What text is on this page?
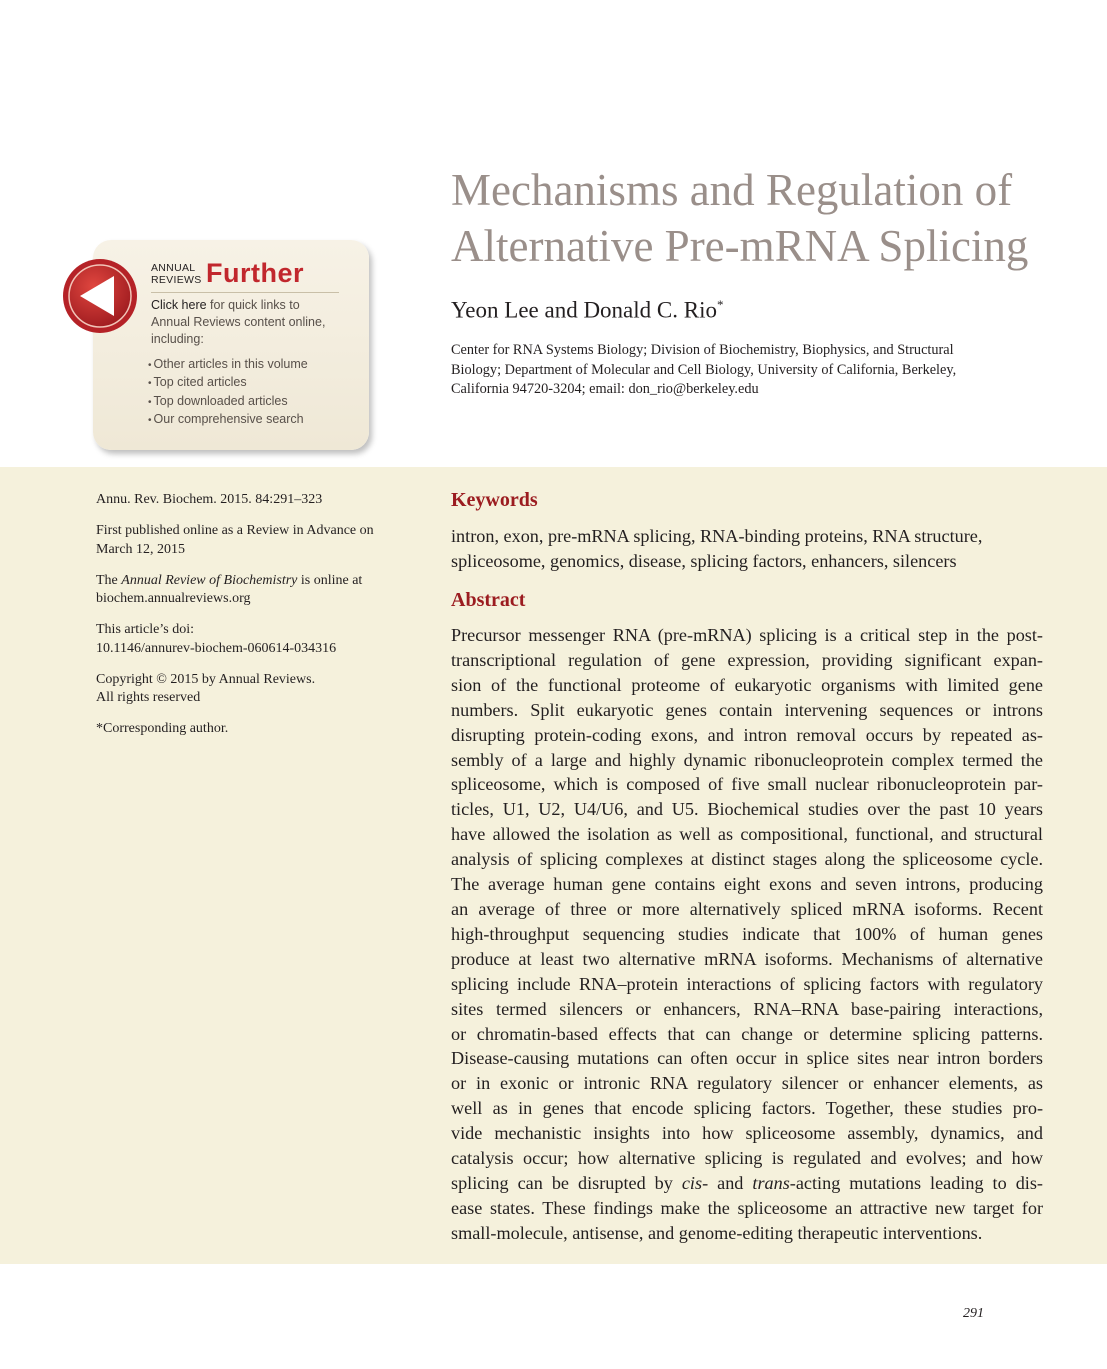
Mechanisms and Regulation of
Alternative Pre-mRNA Splicing
Yeon Lee and Donald C. Rio*
Center for RNA Systems Biology; Division of Biochemistry, Biophysics, and Structural
Biology; Department of Molecular and Cell Biology, University of California, Berkeley,
California 94720-3204; email: don_rio@berkeley.edu
ANNUAL
REVIEWS Further
Click here for quick links to
Annual Reviews content online,
including:
• Other articles in this volume
• Top cited articles
• Top downloaded articles
• Our comprehensive search

Annu. Rev. Biochem. 2015. 84:291–323

First published online as a Review in Advance on
March 12, 2015

The Annual Review of Biochemistry is online at
biochem.annualreviews.org

This article’s doi:
10.1146/annurev-biochem-060614-034316

Copyright © 2015 by Annual Reviews.
All rights reserved

*Corresponding author.

Keywords
intron, exon, pre-mRNA splicing, RNA-binding proteins, RNA structure,
spliceosome, genomics, disease, splicing factors, enhancers, silencers
Abstract
Precursor messenger RNA (pre-mRNA) splicing is a critical step in the post-
transcriptional regulation of gene expression, providing significant expan-
sion of the functional proteome of eukaryotic organisms with limited gene
numbers. Split eukaryotic genes contain intervening sequences or introns
disrupting protein-coding exons, and intron removal occurs by repeated as-
sembly of a large and highly dynamic ribonucleoprotein complex termed the
spliceosome, which is composed of five small nuclear ribonucleoprotein par-
ticles, U1, U2, U4/U6, and U5. Biochemical studies over the past 10 years
have allowed the isolation as well as compositional, functional, and structural
analysis of splicing complexes at distinct stages along the spliceosome cycle.
The average human gene contains eight exons and seven introns, producing
an average of three or more alternatively spliced mRNA isoforms. Recent
high-throughput sequencing studies indicate that 100% of human genes
produce at least two alternative mRNA isoforms. Mechanisms of alternative
splicing include RNA–protein interactions of splicing factors with regulatory
sites termed silencers or enhancers, RNA–RNA base-pairing interactions,
or chromatin-based effects that can change or determine splicing patterns.
Disease-causing mutations can often occur in splice sites near intron borders
or in exonic or intronic RNA regulatory silencer or enhancer elements, as
well as in genes that encode splicing factors. Together, these studies pro-
vide mechanistic insights into how spliceosome assembly, dynamics, and
catalysis occur; how alternative splicing is regulated and evolves; and how
splicing can be disrupted by cis- and trans-acting mutations leading to dis-
ease states. These findings make the spliceosome an attractive new target for
small-molecule, antisense, and genome-editing therapeutic interventions.
291
